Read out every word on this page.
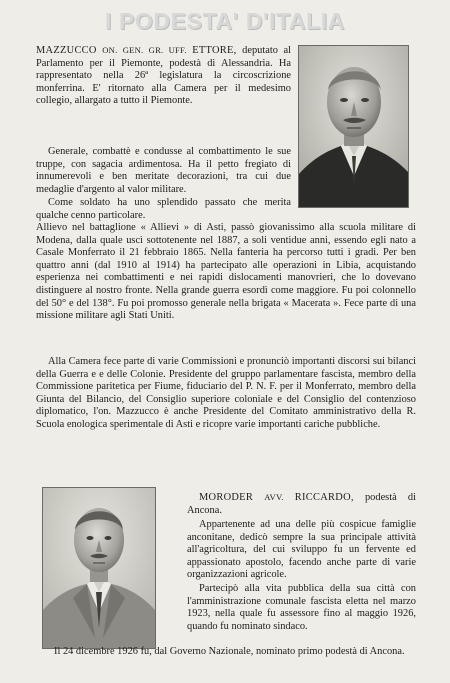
I PODESTA' D'ITALIA

MAZZUCCO ON. GEN. GR. UFF. ETTORE, deputato al Parlamento per il Piemonte, podestà di Alessandria. Ha rappresentato nella 26ª legislatura la circoscrizione monferrina. E' ritornato alla Camera per il medesimo collegio, allargato a tutto il Piemonte.

Generale, combattè e condusse al combattimento le sue truppe, con sagacia ardimentosa. Ha il petto fregiato di innumerevoli e ben meritate decorazioni, tra cui due medaglie d'argento al valor militare.

Come soldato ha uno splendido passato che merita qualche cenno particolare.

Allievo nel battaglione « Allievi » di Asti, passò giovanissimo alla scuola militare di Modena, dalla quale uscì sottotenente nel 1887, a soli ventidue anni, essendo egli nato a Casale Monferrato il 21 febbraio 1865. Nella fanteria ha percorso tutti i gradi. Per ben quattro anni (dal 1910 al 1914) ha partecipato alle operazioni in Libia, acquistando esperienza nei combattimenti e nei rapidi dislocamenti manovrieri, che lo dovevano distinguere al nostro fronte. Nella grande guerra esordì come maggiore. Fu poi colonnello del 50° e del 138°. Fu poi promosso generale nella brigata « Macerata ». Fece parte di una missione militare agli Stati Uniti.

Alla Camera fece parte di varie Commissioni e pronunciò importanti discorsi sui bilanci della Guerra e e delle Colonie. Presidente del gruppo parlamentare fascista, membro della Commissione paritetica per Fiume, fiduciario del P. N. F. per il Monferrato, membro della Giunta del Bilancio, del Consiglio superiore coloniale e del Consiglio del contenzioso diplomatico, l'on. Mazzucco è anche Presidente del Comitato amministrativo della R. Scuola enologica sperimentale di Asti e ricopre varie importanti cariche pubbliche.

MORODER AVV. RICCARDO, podestà di Ancona.

Appartenente ad una delle più cospicue famiglie anconitane, dedicò sempre la sua principale attività all'agricoltura, del cui sviluppo fu un fervente ed appassionato apostolo, facendo anche parte di varie organizzazioni agricole.

Partecipò alla vita pubblica della sua città con l'amministrazione comunale fascista eletta nel marzo 1923, nella quale fu assessore fino al maggio 1926, quando fu nominato sindaco.

Il 24 dicembre 1926 fu, dal Governo Nazionale, nominato primo podestà di Ancona.
